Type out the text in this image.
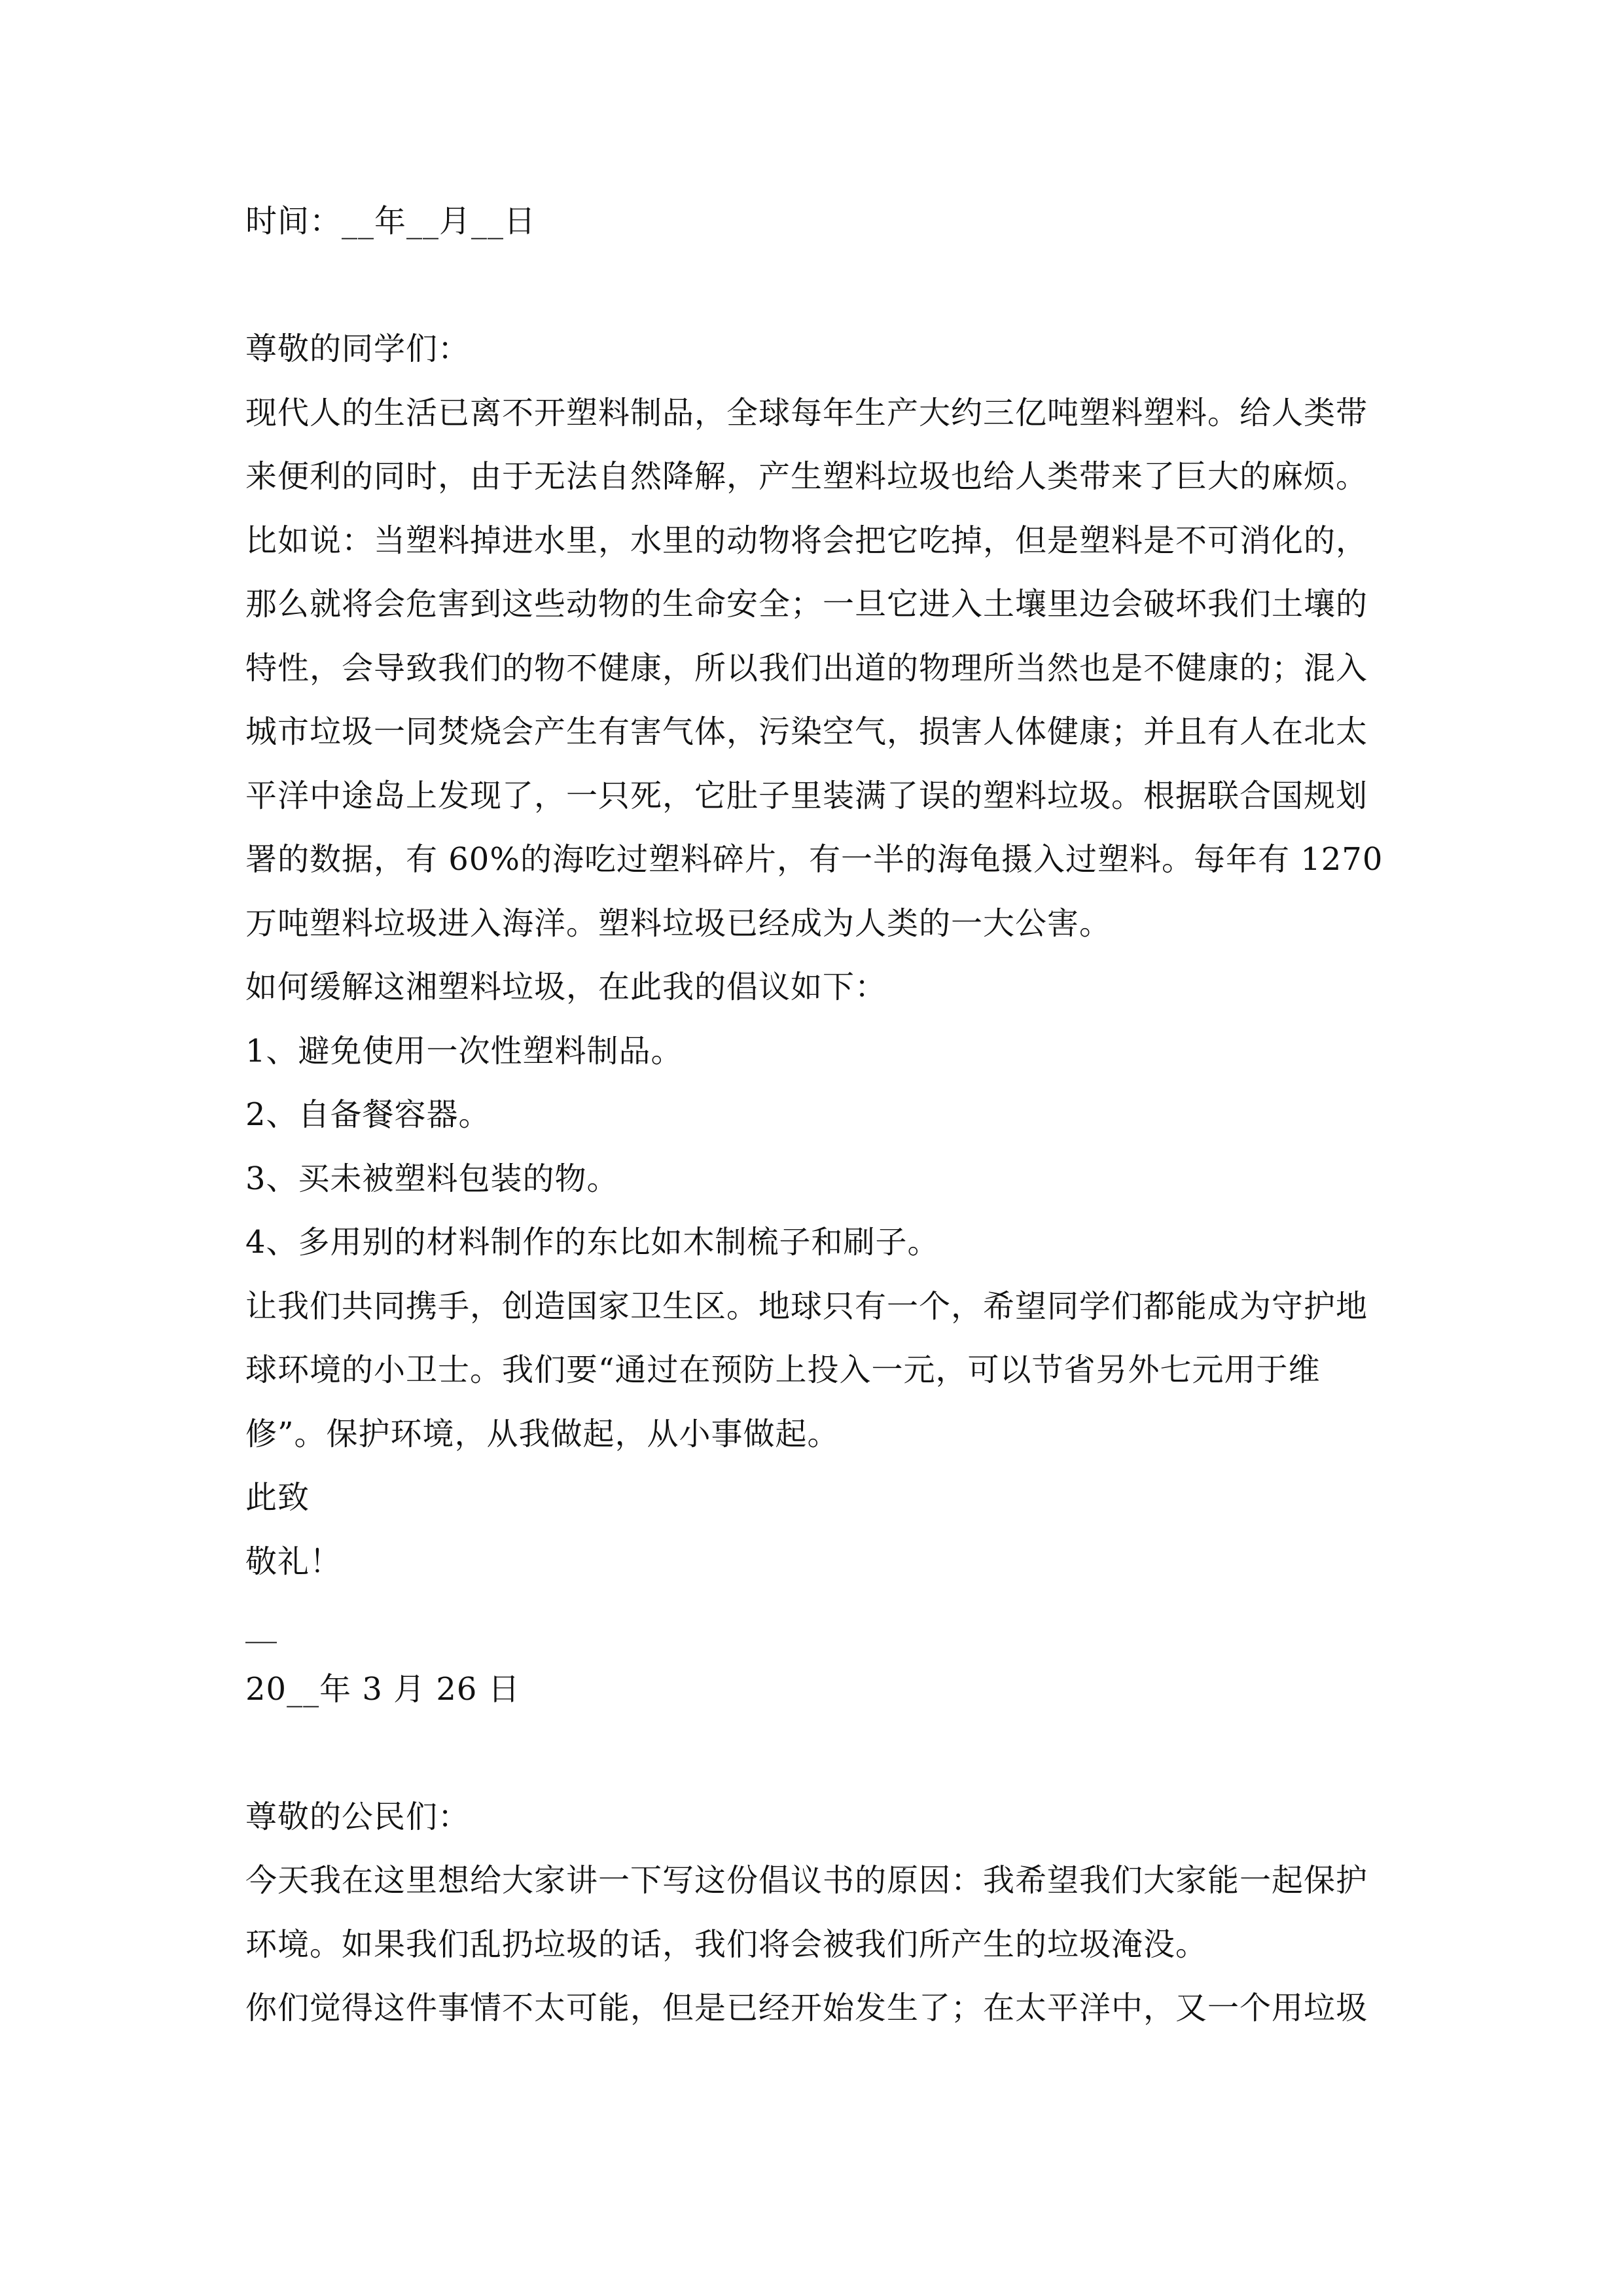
时间：__年__月__日
尊敬的同学们：
现代人的生活已离不开塑料制品，全球每年生产大约三亿吨塑料塑料。给人类带
来便利的同时，由于无法自然降解，产生塑料垃圾也给人类带来了巨大的麻烦。
比如说：当塑料掉进水里，水里的动物将会把它吃掉，但是塑料是不可消化的，
那么就将会危害到这些动物的生命安全；一旦它进入土壤里边会破坏我们土壤的
特性，会导致我们的物不健康，所以我们出道的物理所当然也是不健康的；混入
城市垃圾一同焚烧会产生有害气体，污染空气，损害人体健康；并且有人在北太
平洋中途岛上发现了，一只死，它肚子里装满了误的塑料垃圾。根据联合国规划
署的数据，有 60%的海吃过塑料碎片，有一半的海龟摄入过塑料。每年有 1270
万吨塑料垃圾进入海洋。塑料垃圾已经成为人类的一大公害。
如何缓解这湘塑料垃圾，在此我的倡议如下：
1、避免使用一次性塑料制品。
2、自备餐容器。
3、买未被塑料包装的物。
4、多用别的材料制作的东比如木制梳子和刷子。
让我们共同携手，创造国家卫生区。地球只有一个，希望同学们都能成为守护地
球环境的小卫士。我们要“通过在预防上投入一元，可以节省另外七元用于维
修”。保护环境，从我做起，从小事做起。
此致
敬礼！
__
20__年 3 月 26 日
尊敬的公民们：
今天我在这里想给大家讲一下写这份倡议书的原因：我希望我们大家能一起保护
环境。如果我们乱扔垃圾的话，我们将会被我们所产生的垃圾淹没。
你们觉得这件事情不太可能，但是已经开始发生了；在太平洋中，又一个用垃圾
